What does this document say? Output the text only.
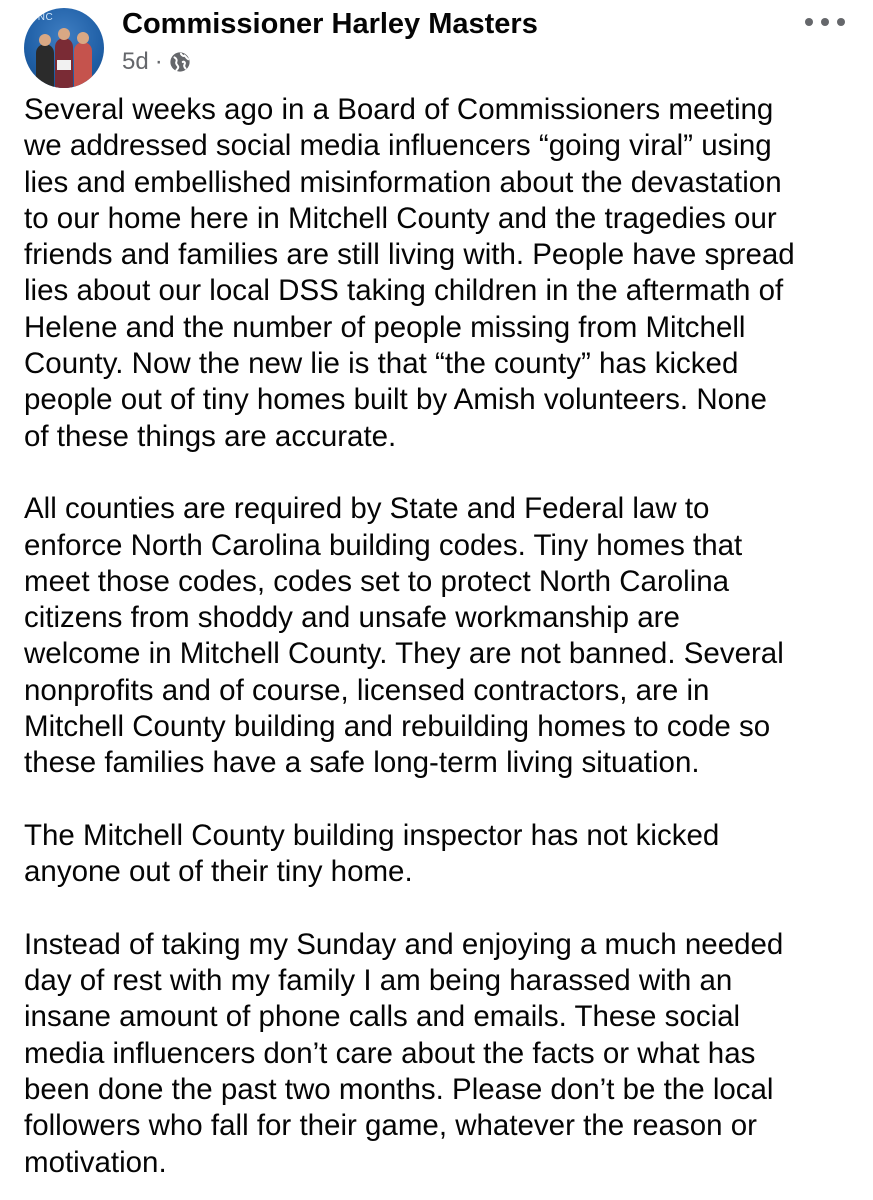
UNC Commissioner Harley Masters
5d ·

Several weeks ago in a Board of Commissioners meeting
we addressed social media influencers “going viral” using
lies and embellished misinformation about the devastation
to our home here in Mitchell County and the tragedies our
friends and families are still living with. People have spread
lies about our local DSS taking children in the aftermath of
Helene and the number of people missing from Mitchell
County. Now the new lie is that “the county” has kicked
people out of tiny homes built by Amish volunteers. None
of these things are accurate.

All counties are required by State and Federal law to
enforce North Carolina building codes. Tiny homes that
meet those codes, codes set to protect North Carolina
citizens from shoddy and unsafe workmanship are
welcome in Mitchell County. They are not banned. Several
nonprofits and of course, licensed contractors, are in
Mitchell County building and rebuilding homes to code so
these families have a safe long-term living situation.

The Mitchell County building inspector has not kicked
anyone out of their tiny home.

Instead of taking my Sunday and enjoying a much needed
day of rest with my family I am being harassed with an
insane amount of phone calls and emails. These social
media influencers don’t care about the facts or what has
been done the past two months. Please don’t be the local
followers who fall for their game, whatever the reason or
motivation.
